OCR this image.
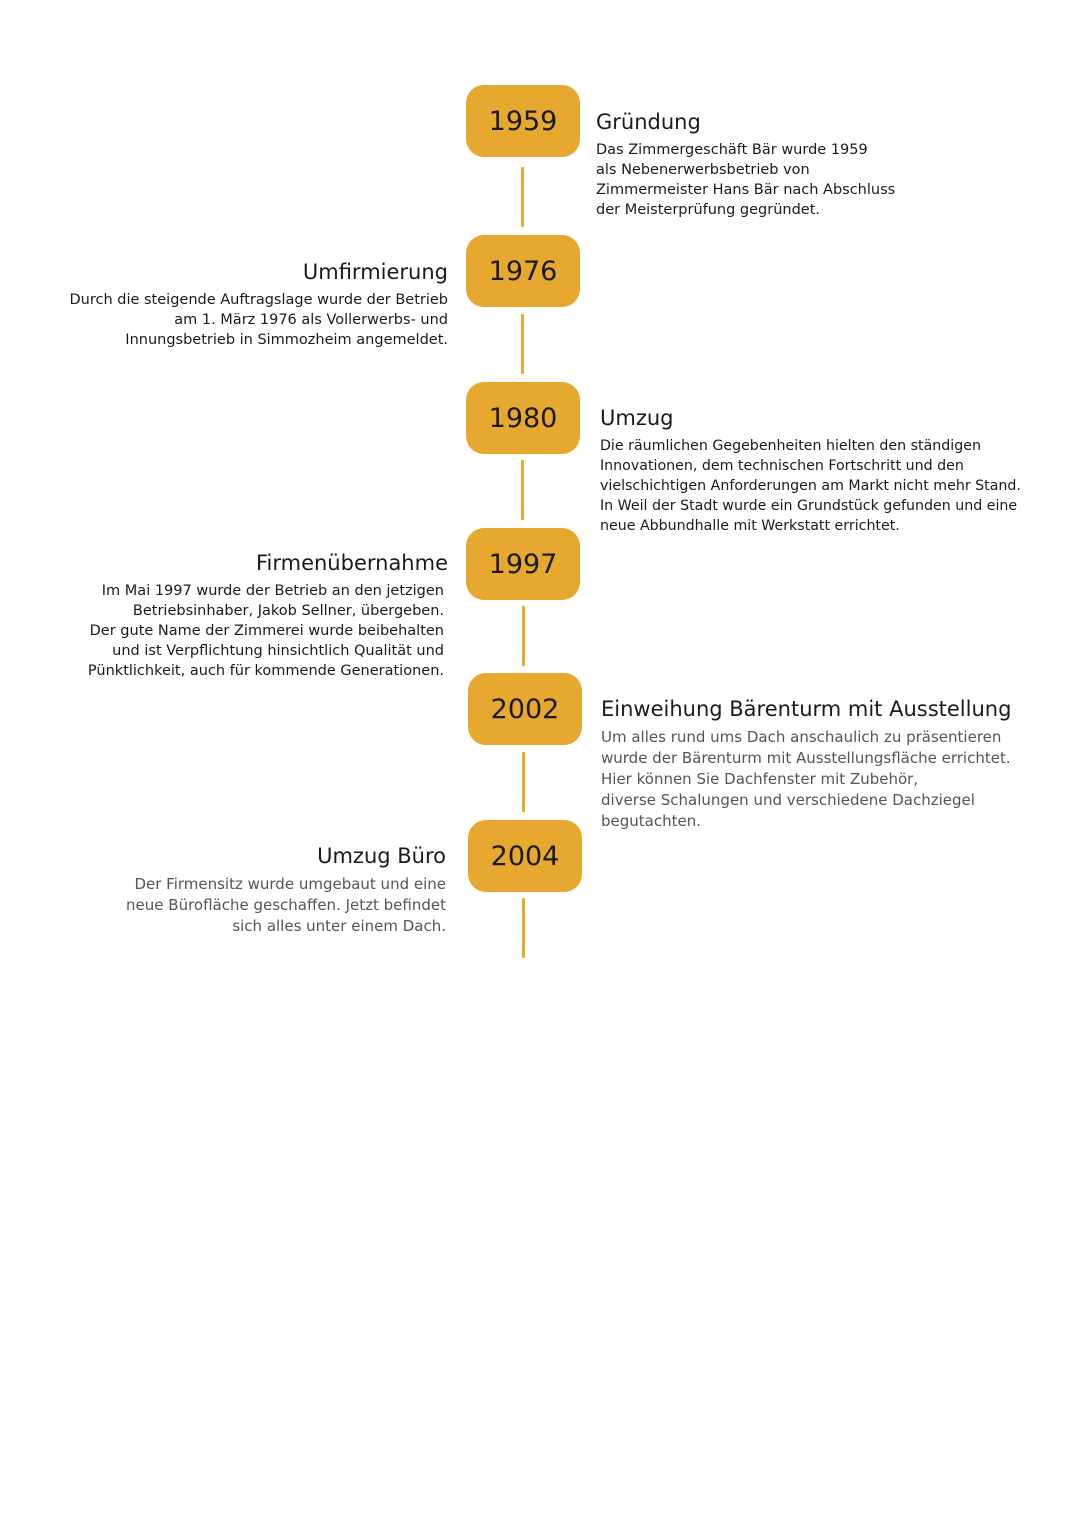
1959
1976
1980
1997
2002
2004
Gründung
Das Zimmergeschäft Bär wurde 1959
als Nebenerwerbsbetrieb von
Zimmermeister Hans Bär nach Abschluss
der Meisterprüfung gegründet.
Umfirmierung
Durch die steigende Auftragslage wurde der Betrieb
am 1. März 1976 als Vollerwerbs- und
Innungsbetrieb in Simmozheim angemeldet.
Umzug
Die räumlichen Gegebenheiten hielten den ständigen
Innovationen, dem technischen Fortschritt und den
vielschichtigen Anforderungen am Markt nicht mehr Stand.
In Weil der Stadt wurde ein Grundstück gefunden und eine
neue Abbundhalle mit Werkstatt errichtet.
Firmenübernahme
Im Mai 1997 wurde der Betrieb an den jetzigen
Betriebsinhaber, Jakob Sellner, übergeben.
Der gute Name der Zimmerei wurde beibehalten
und ist Verpflichtung hinsichtlich Qualität und
Pünktlichkeit, auch für kommende Generationen.
Einweihung Bärenturm mit Ausstellung
Um alles rund ums Dach anschaulich zu präsentieren
wurde der Bärenturm mit Ausstellungsfläche errichtet.
Hier können Sie Dachfenster mit Zubehör,
diverse Schalungen und verschiedene Dachziegel
begutachten.
Umzug Büro
Der Firmensitz wurde umgebaut und eine
neue Bürofläche geschaffen. Jetzt befindet
sich alles unter einem Dach.
